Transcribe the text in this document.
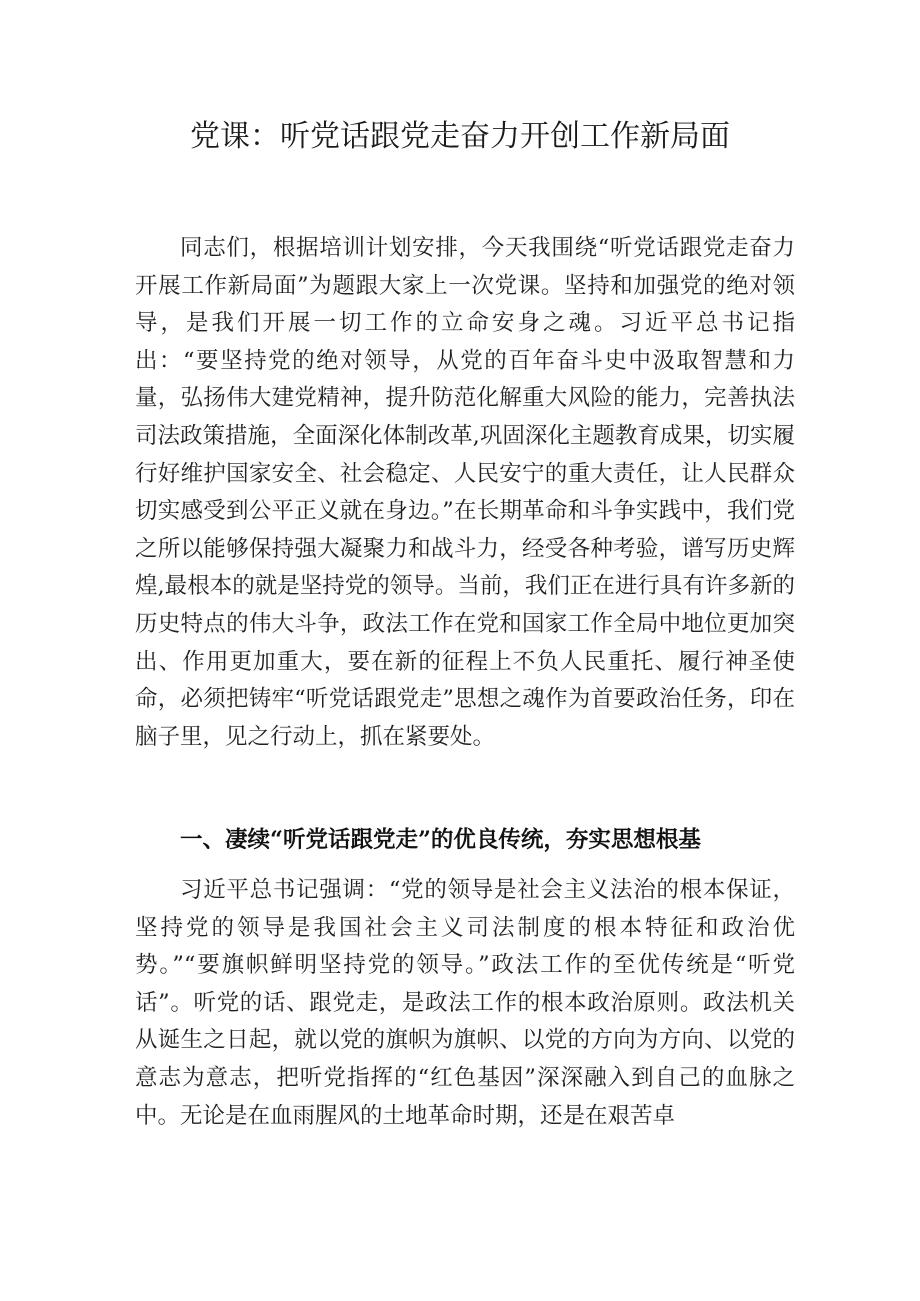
党课：听党话跟党走奋力开创工作新局面

同志们，根据培训计划安排，今天我围绕“听党话跟党走奋力开展工作新局面”为题跟大家上一次党课。坚持和加强党的绝对领导，是我们开展一切工作的立命安身之魂。习近平总书记指出：“要坚持党的绝对领导，从党的百年奋斗史中汲取智慧和力量，弘扬伟大建党精神，提升防范化解重大风险的能力，完善执法司法政策措施，全面深化体制改革,巩固深化主题教育成果，切实履行好维护国家安全、社会稳定、人民安宁的重大责任，让人民群众切实感受到公平正义就在身边。”在长期革命和斗争实践中，我们党之所以能够保持强大凝聚力和战斗力，经受各种考验，谱写历史辉煌,最根本的就是坚持党的领导。当前，我们正在进行具有许多新的历史特点的伟大斗争，政法工作在党和国家工作全局中地位更加突出、作用更加重大，要在新的征程上不负人民重托、履行神圣使命，必须把铸牢“听党话跟党走”思想之魂作为首要政治任务，印在脑子里，见之行动上，抓在紧要处。

一、凄续“听党话跟党走”的优良传统，夯实思想根基

习近平总书记强调：“党的领导是社会主义法治的根本保证，坚持党的领导是我国社会主义司法制度的根本特征和政治优势。”“要旗帜鲜明坚持党的领导。”政法工作的至优传统是“听党话”。听党的话、跟党走，是政法工作的根本政治原则。政法机关从诞生之日起，就以党的旗帜为旗帜、以党的方向为方向、以党的意志为意志，把听党指挥的“红色基因”深深融入到自己的血脉之中。无论是在血雨腥风的土地革命时期，还是在艰苦卓
